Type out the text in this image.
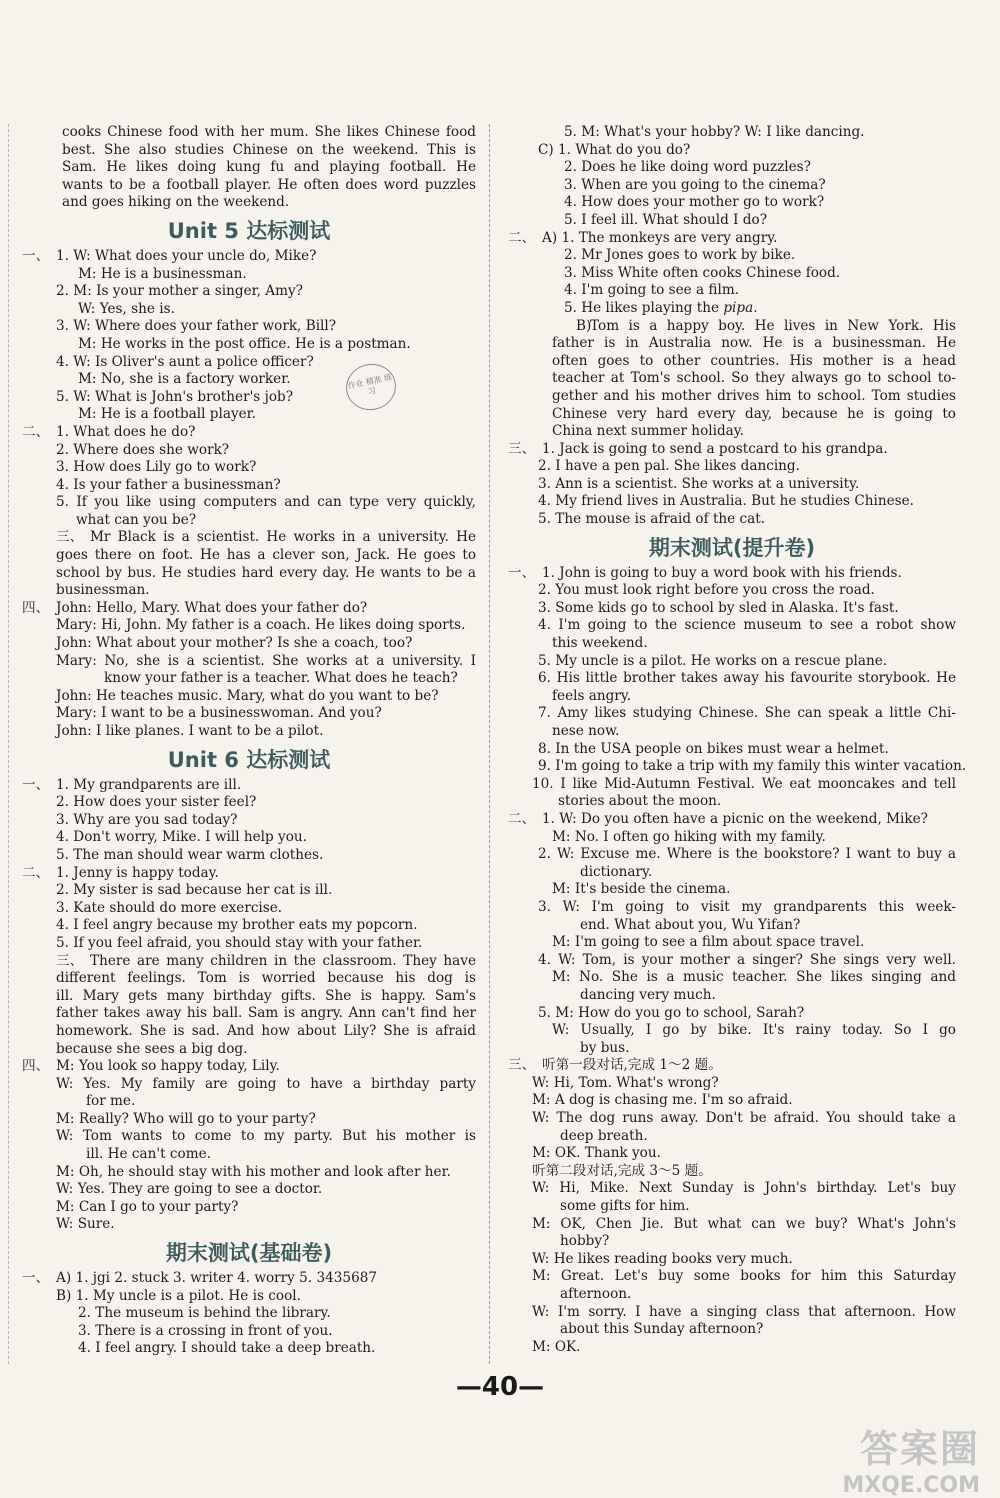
cooks Chinese food with her mum. She likes Chinese food
best. She also studies Chinese on the weekend. This is
Sam. He likes doing kung fu and playing football. He
wants to be a football player. He often does word puzzles
and goes hiking on the weekend.
Unit 5 达标测试
一、 1. W: What does your uncle do, Mike?
M: He is a businessman.
2. M: Is your mother a singer, Amy?
W: Yes, she is.
3. W: Where does your father work, Bill?
M: He works in the post office. He is a postman.
4. W: Is Oliver's aunt a police officer?
M: No, she is a factory worker.
5. W: What is John's brother's job?
M: He is a football player.
二、 1. What does he do?
2. Where does she work?
3. How does Lily go to work?
4. Is your father a businessman?
5. If you like using computers and can type very quickly,
what can you be?
三、 Mr Black is a scientist. He works in a university. He
goes there on foot. He has a clever son, Jack. He goes to
school by bus. He studies hard every day. He wants to be a
businessman.
四、 John: Hello, Mary. What does your father do?
Mary: Hi, John. My father is a coach. He likes doing sports.
John: What about your mother? Is she a coach, too?
Mary: No, she is a scientist. She works at a university. I
know your father is a teacher. What does he teach?
John: He teaches music. Mary, what do you want to be?
Mary: I want to be a businesswoman. And you?
John: I like planes. I want to be a pilot.
Unit 6 达标测试
一、 1. My grandparents are ill.
2. How does your sister feel?
3. Why are you sad today?
4. Don't worry, Mike. I will help you.
5. The man should wear warm clothes.
二、 1. Jenny is happy today.
2. My sister is sad because her cat is ill.
3. Kate should do more exercise.
4. I feel angry because my brother eats my popcorn.
5. If you feel afraid, you should stay with your father.
三、 There are many children in the classroom. They have
different feelings. Tom is worried because his dog is
ill. Mary gets many birthday gifts. She is happy. Sam's
father takes away his ball. Sam is angry. Ann can't find her
homework. She is sad. And how about Lily? She is afraid
because she sees a big dog.
四、 M: You look so happy today, Lily.
W: Yes. My family are going to have a birthday party
for me.
M: Really? Who will go to your party?
W: Tom wants to come to my party. But his mother is
ill. He can't come.
M: Oh, he should stay with his mother and look after her.
W: Yes. They are going to see a doctor.
M: Can I go to your party?
W: Sure.
期末测试(基础卷)
一、 A) 1. jgi 2. stuck 3. writer 4. worry 5. 3435687
B) 1. My uncle is a pilot. He is cool.
2. The museum is behind the library.
3. There is a crossing in front of you.
4. I feel angry. I should take a deep breath.
5. M: What's your hobby? W: I like dancing.
C) 1. What do you do?
2. Does he like doing word puzzles?
3. When are you going to the cinema?
4. How does your mother go to work?
5. I feel ill. What should I do?
二、 A) 1. The monkeys are very angry.
2. Mr Jones goes to work by bike.
3. Miss White often cooks Chinese food.
4. I'm going to see a film.
5. He likes playing the pipa.
B)
Tom is a happy boy. He lives in New York. His
father is in Australia now. He is a businessman. He
often goes to other countries. His mother is a head
teacher at Tom's school. So they always go to school to-
gether and his mother drives him to school. Tom studies
Chinese very hard every day, because he is going to
China next summer holiday.
三、 1. Jack is going to send a postcard to his grandpa.
2. I have a pen pal. She likes dancing.
3. Ann is a scientist. She works at a university.
4. My friend lives in Australia. But he studies Chinese.
5. The mouse is afraid of the cat.
期末测试(提升卷)
一、 1. John is going to buy a word book with his friends.
2. You must look right before you cross the road.
3. Some kids go to school by sled in Alaska. It's fast.
4. I'm going to the science museum to see a robot show
this weekend.
5. My uncle is a pilot. He works on a rescue plane.
6. His little brother takes away his favourite storybook. He
feels angry.
7. Amy likes studying Chinese. She can speak a little Chi-
nese now.
8. In the USA people on bikes must wear a helmet.
9. I'm going to take a trip with my family this winter vacation.
10. I like Mid-Autumn Festival. We eat mooncakes and tell
stories about the moon.
二、 1. W: Do you often have a picnic on the weekend, Mike?
M: No. I often go hiking with my family.
2. W: Excuse me. Where is the bookstore? I want to buy a
dictionary.
M: It's beside the cinema.
3. W: I'm going to visit my grandparents this week-
end. What about you, Wu Yifan?
M: I'm going to see a film about space travel.
4. W: Tom, is your mother a singer? She sings very well.
M: No. She is a music teacher. She likes singing and
dancing very much.
5. M: How do you go to school, Sarah?
W: Usually, I go by bike. It's rainy today. So I go
by bus.
三、 听第一段对话,完成 1～2 题。
W: Hi, Tom. What's wrong?
M: A dog is chasing me. I'm so afraid.
W: The dog runs away. Don't be afraid. You should take a
deep breath.
M: OK. Thank you.
听第二段对话,完成 3～5 题。
W: Hi, Mike. Next Sunday is John's birthday. Let's buy
some gifts for him.
M: OK, Chen Jie. But what can we buy? What's John's
hobby?
W: He likes reading books very much.
M: Great. Let's buy some books for him this Saturday
afternoon.
W: I'm sorry. I have a singing class that afternoon. How
about this Sunday afternoon?
M: OK.
作业 精准 练习
—40—
答案圈
MXQE.COM
